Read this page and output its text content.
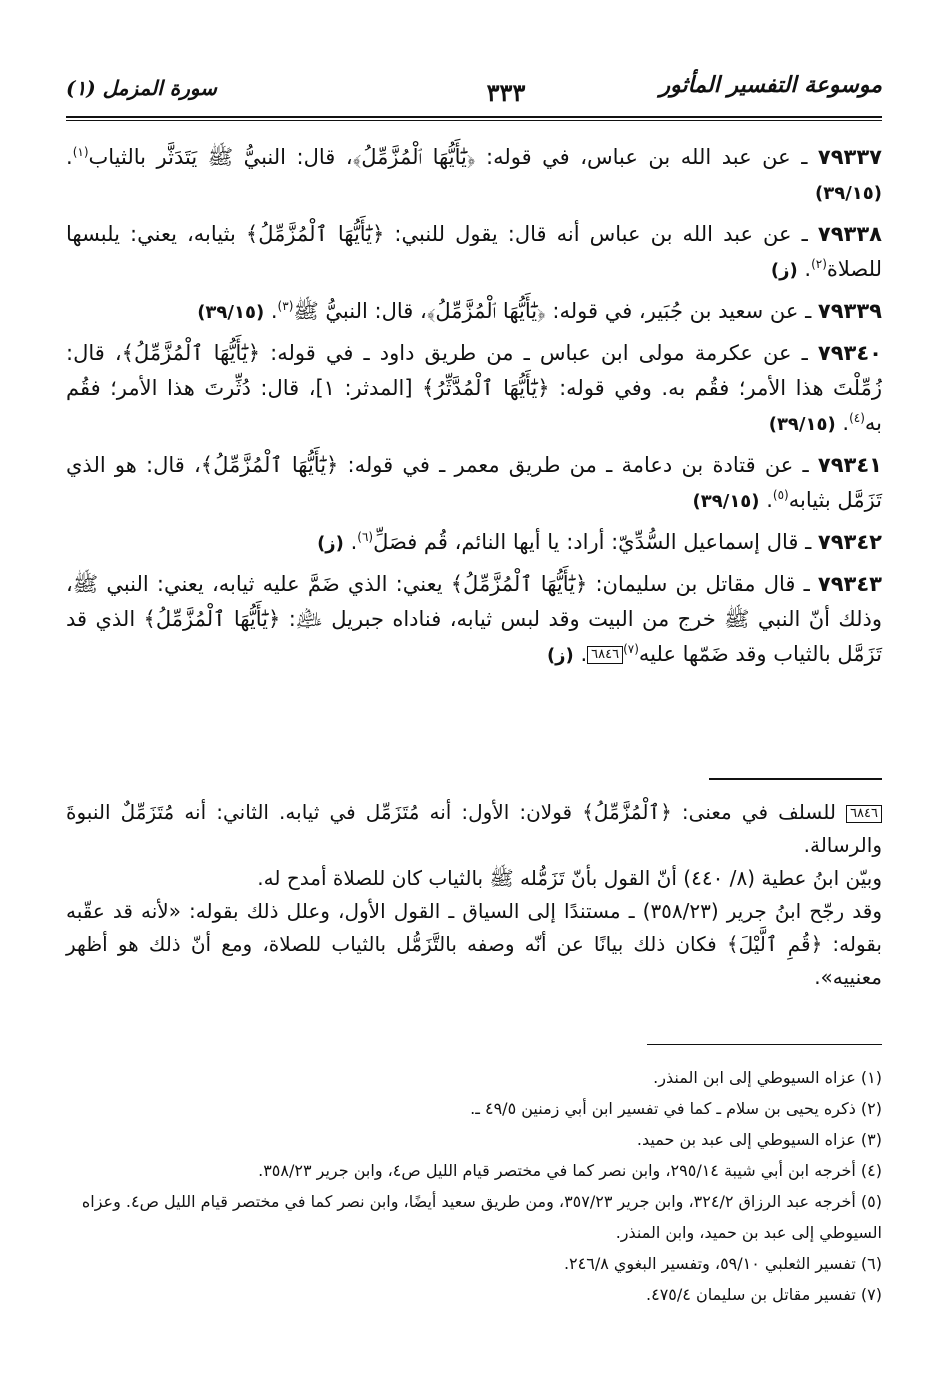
موسوعة التفسير المأثور
٣٣٣
سورة المزمل (١)

٧٩٣٣٧ ـ عن عبد الله بن عباس، في قوله: ﴿يَٰٓأَيُّهَا ٱلْمُزَّمِّلُ﴾، قال: النبيُّ ﷺ يَتَدَثَّر بالثياب$^{(١)}$. (٣٩/١٥)

٧٩٣٣٨ ـ عن عبد الله بن عباس أنه قال: يقول للنبي: ﴿يَٰٓأَيُّهَا ٱلْمُزَّمِّلُ﴾ بثيابه، يعني: يلبسها للصلاة$^{(٢)}$. (ز)

٧٩٣٣٩ ـ عن سعيد بن جُبَير، في قوله: ﴿يَٰٓأَيُّهَا ٱلْمُزَّمِّلُ﴾، قال: النبيُّ ﷺ$^{(٣)}$. (٣٩/١٥)

٧٩٣٤٠ ـ عن عكرمة مولى ابن عباس ـ من طريق داود ـ في قوله: ﴿يَٰٓأَيُّهَا ٱلْمُزَّمِّلُ﴾، قال: زُمِّلْتَ هذا الأمر؛ فقُم به. وفي قوله: ﴿يَٰٓأَيُّهَا ٱلْمُدَّثِّرُ﴾ [المدثر: ١]، قال: دُثِّرتَ هذا الأمر؛ فقُم به$^{(٤)}$. (٣٩/١٥)

٧٩٣٤١ ـ عن قتادة بن دعامة ـ من طريق معمر ـ في قوله: ﴿يَٰٓأَيُّهَا ٱلْمُزَّمِّلُ﴾، قال: هو الذي تَزَمَّل بثيابه$^{(٥)}$. (٣٩/١٥)

٧٩٣٤٢ ـ قال إسماعيل السُّدِّيّ: أراد: يا أيها النائم، قُم فصَلِّ$^{(٦)}$. (ز)

٧٩٣٤٣ ـ قال مقاتل بن سليمان: ﴿يَٰٓأَيُّهَا ٱلْمُزَّمِّلُ﴾ يعني: الذي ضَمَّ عليه ثيابه، يعني: النبي ﷺ، وذلك أنّ النبي ﷺ خرج من البيت وقد لبس ثيابه، فناداه جبريل ﵇: ﴿يَٰٓأَيُّهَا ٱلْمُزَّمِّلُ﴾ الذي قد تَزَمَّل بالثياب وقد ضَمّها عليه$^{(٧)}$٦٨٤٦. (ز)

٦٨٤٦ للسلف في معنى: ﴿ٱلْمُزَّمِّلُ﴾ قولان: الأول: أنه مُتَزَمِّل في ثيابه. الثاني: أنه مُتَزَمِّلٌ النبوةَ والرسالة.

وبيّن ابنُ عطية (٨/ ٤٤٠) أنّ القول بأنّ تَزَمُّله ﷺ بالثياب كان للصلاة أمدح له.

وقد رجّح ابنُ جرير (٣٥٨/٢٣) ـ مستندًا إلى السياق ـ القول الأول، وعلل ذلك بقوله: «لأنه قد عقّبه بقوله: ﴿قُمِ ٱلَّيْلَ﴾ فكان ذلك بيانًا عن أنّه وصفه بالتَّزَمُّل بالثياب للصلاة، ومع أنّ ذلك هو أظهر معنييه».

(١) عزاه السيوطي إلى ابن المنذر.

(٢) ذكره يحيى بن سلام ـ كما في تفسير ابن أبي زمنين ٤٩/٥ ـ.

(٣) عزاه السيوطي إلى عبد بن حميد.

(٤) أخرجه ابن أبي شيبة ٢٩٥/١٤، وابن نصر كما في مختصر قيام الليل ص٤، وابن جرير ٣٥٨/٢٣.

(٥) أخرجه عبد الرزاق ٣٢٤/٢، وابن جرير ٣٥٧/٢٣، ومن طريق سعيد أيضًا، وابن نصر كما في مختصر قيام الليل ص٤. وعزاه السيوطي إلى عبد بن حميد، وابن المنذر.

(٦) تفسير الثعلبي ٥٩/١٠، وتفسير البغوي ٢٤٦/٨.

(٧) تفسير مقاتل بن سليمان ٤٧٥/٤.
